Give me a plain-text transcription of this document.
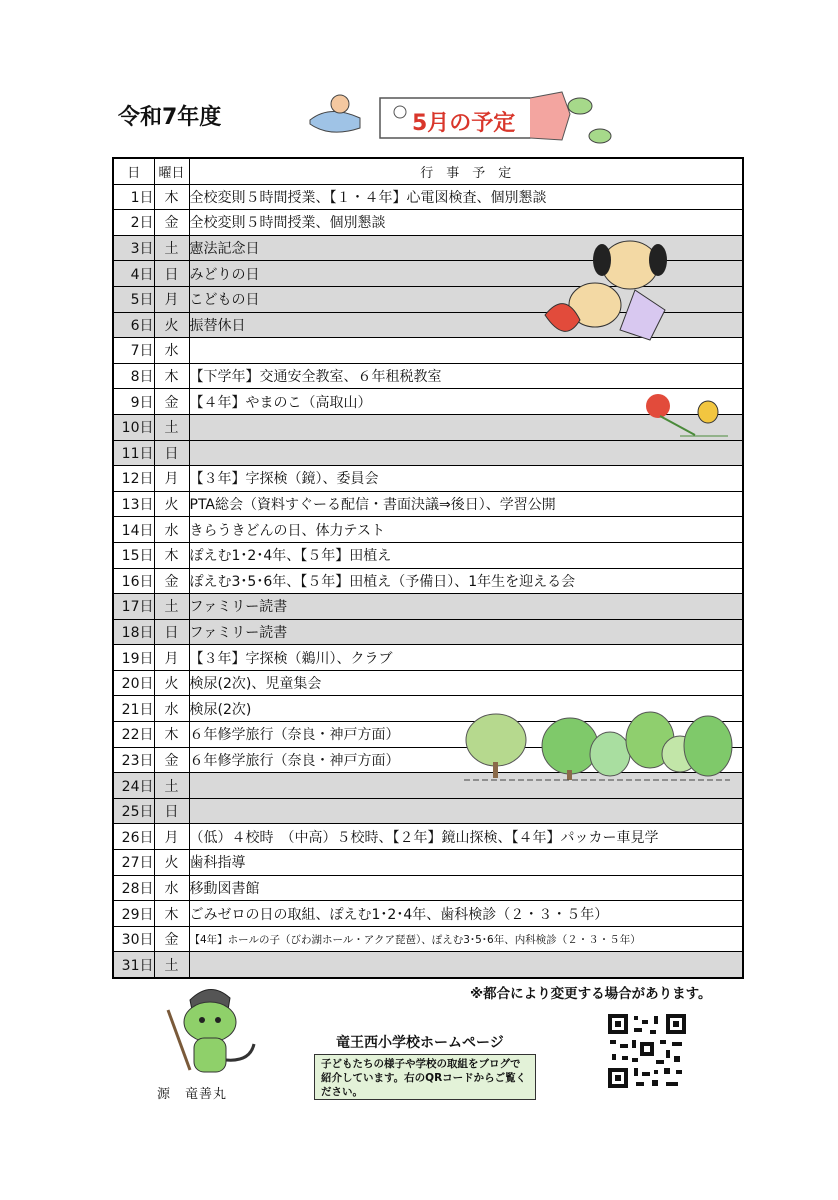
令和7年度	5月の予定
日	曜日	行　事　予　定
1日	木	全校変則５時間授業、【１・４年】心電図検査、個別懇談
2日	金	全校変則５時間授業、個別懇談
3日	土	憲法記念日
4日	日	みどりの日
5日	月	こどもの日
6日	火	振替休日
7日	水	
8日	木	【下学年】交通安全教室、６年租税教室
9日	金	【４年】やまのこ（高取山）
10日	土	
11日	日	
12日	月	【３年】字探検（鏡）、委員会
13日	火	PTA総会（資料すぐーる配信・書面決議⇒後日）、学習公開
14日	水	きらうきどんの日、体力テスト
15日	木	ぽえむ1･2･4年、【５年】田植え
16日	金	ぽえむ3･5･6年、【５年】田植え（予備日）、1年生を迎える会
17日	土	ファミリー読書
18日	日	ファミリー読書
19日	月	【３年】字探検（鵜川）、クラブ
20日	火	検尿(2次)、児童集会
21日	水	検尿(2次)
22日	木	６年修学旅行（奈良・神戸方面）
23日	金	６年修学旅行（奈良・神戸方面）
24日	土	
25日	日	
26日	月	（低）４校時　（中高）５校時、【２年】鏡山探検、【４年】パッカー車見学
27日	火	歯科指導
28日	水	移動図書館
29日	木	ごみゼロの日の取組、ぽえむ1･2･4年、歯科検診（２・３・５年）
30日	金	【4年】ホールの子（びわ湖ホール・アクア琵琶）、ぽえむ3･5･6年、内科検診（２・３・５年）
31日	土	
※都合により変更する場合があります。
源　竜善丸
竜王西小学校ホームページ
子どもたちの様子や学校の取組をブログで紹介しています。右のQRコードからご覧ください。
